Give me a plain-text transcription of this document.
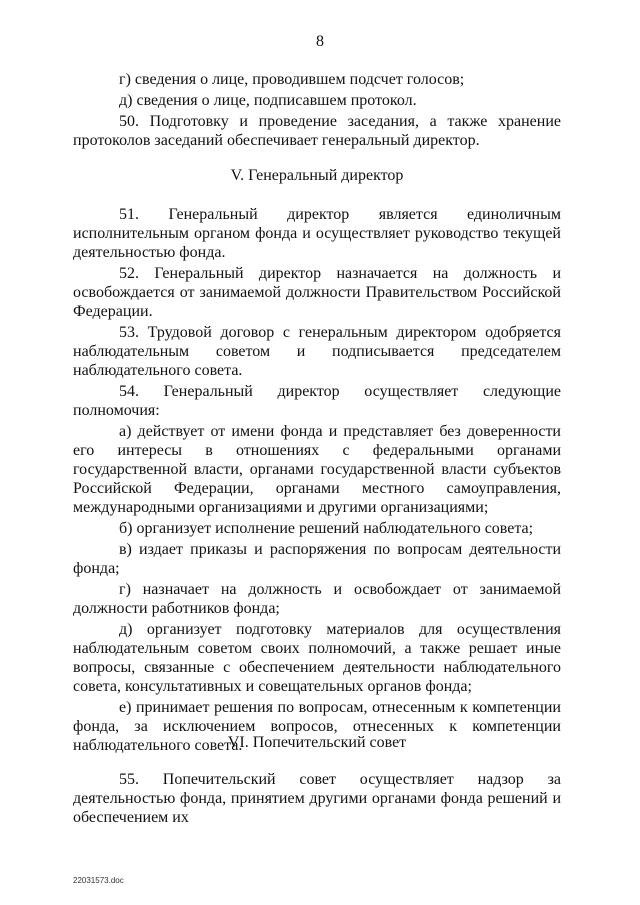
8

г) сведения о лице, проводившем подсчет голосов;

д) сведения о лице, подписавшем протокол.

50. Подготовку и проведение заседания, а также хранение протоколов заседаний обеспечивает генеральный директор.

V. Генеральный директор

51. Генеральный директор является единоличным исполнительным органом фонда и осуществляет руководство текущей деятельностью фонда.

52. Генеральный директор назначается на должность и освобождается от занимаемой должности Правительством Российской Федерации.

53. Трудовой договор с генеральным директором одобряется наблюдательным советом и подписывается председателем наблюдательного совета.

54. Генеральный директор осуществляет следующие полномочия:

а) действует от имени фонда и представляет без доверенности его интересы в отношениях с федеральными органами государственной власти, органами государственной власти субъектов Российской Федерации, органами местного самоуправления, международными организациями и другими организациями;

б) организует исполнение решений наблюдательного совета;

в) издает приказы и распоряжения по вопросам деятельности фонда;

г) назначает на должность и освобождает от занимаемой должности работников фонда;

д) организует подготовку материалов для осуществления наблюдательным советом своих полномочий, а также решает иные вопросы, связанные с обеспечением деятельности наблюдательного совета, консультативных и совещательных органов фонда;

е) принимает решения по вопросам, отнесенным к компетенции фонда, за исключением вопросов, отнесенных к компетенции наблюдательного совета.

VI. Попечительский совет

55. Попечительский совет осуществляет надзор за деятельностью фонда, принятием другими органами фонда решений и обеспечением их

22031573.doc
